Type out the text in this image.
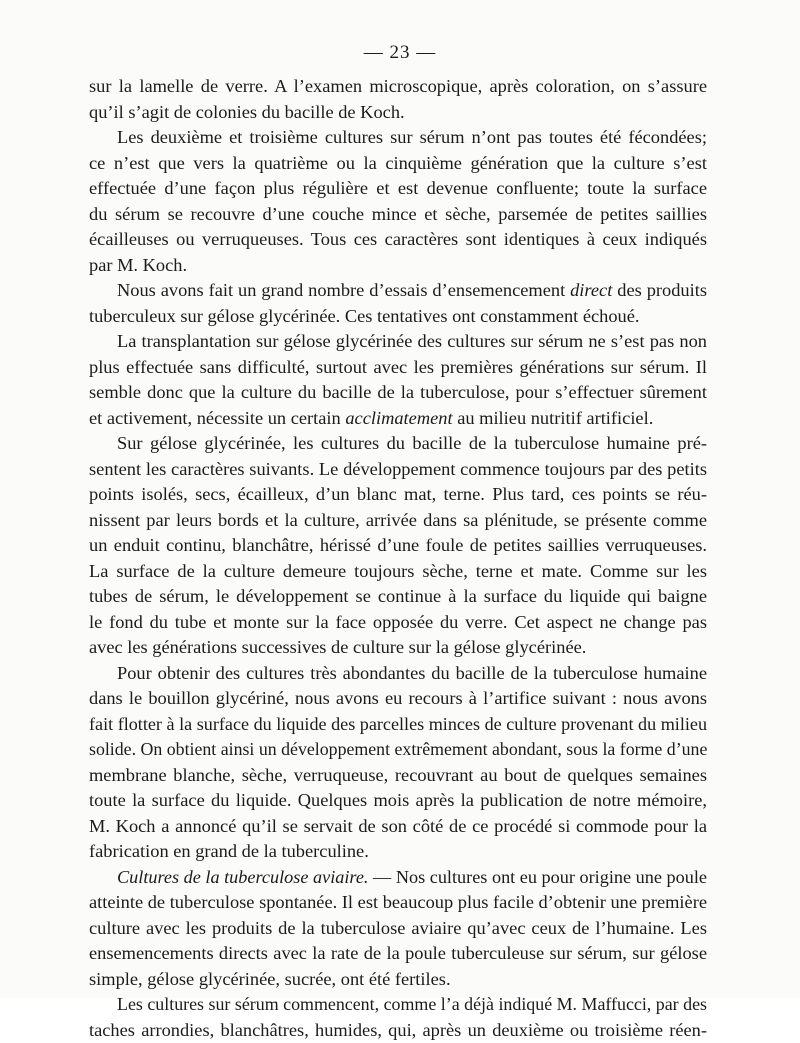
— 23 —
sur la lamelle de verre. A l’examen microscopique, après coloration, on s’assure
qu’il s’agit de colonies du bacille de Koch.
Les deuxième et troisième cultures sur sérum n’ont pas toutes été fécondées;
ce n’est que vers la quatrième ou la cinquième génération que la culture s’est
effectuée d’une façon plus régulière et est devenue confluente; toute la surface
du sérum se recouvre d’une couche mince et sèche, parsemée de petites saillies
écailleuses ou verruqueuses. Tous ces caractères sont identiques à ceux indiqués
par M. Koch.
Nous avons fait un grand nombre d’essais d’ensemencement direct des produits
tuberculeux sur gélose glycérinée. Ces tentatives ont constamment échoué.
La transplantation sur gélose glycérinée des cultures sur sérum ne s’est pas non
plus effectuée sans difficulté, surtout avec les premières générations sur sérum. Il
semble donc que la culture du bacille de la tuberculose, pour s’effectuer sûrement
et activement, nécessite un certain acclimatement au milieu nutritif artificiel.
Sur gélose glycérinée, les cultures du bacille de la tuberculose humaine pré-
sentent les caractères suivants. Le développement commence toujours par des petits
points isolés, secs, écailleux, d’un blanc mat, terne. Plus tard, ces points se réu-
nissent par leurs bords et la culture, arrivée dans sa plénitude, se présente comme
un enduit continu, blanchâtre, hérissé d’une foule de petites saillies verruqueuses.
La surface de la culture demeure toujours sèche, terne et mate. Comme sur les
tubes de sérum, le développement se continue à la surface du liquide qui baigne
le fond du tube et monte sur la face opposée du verre. Cet aspect ne change pas
avec les générations successives de culture sur la gélose glycérinée.
Pour obtenir des cultures très abondantes du bacille de la tuberculose humaine
dans le bouillon glycériné, nous avons eu recours à l’artifice suivant : nous avons
fait flotter à la surface du liquide des parcelles minces de culture provenant du milieu
solide. On obtient ainsi un développement extrêmement abondant, sous la forme d’une
membrane blanche, sèche, verruqueuse, recouvrant au bout de quelques semaines
toute la surface du liquide. Quelques mois après la publication de notre mémoire,
M. Koch a annoncé qu’il se servait de son côté de ce procédé si commode pour la
fabrication en grand de la tuberculine.
Cultures de la tuberculose aviaire. — Nos cultures ont eu pour origine une poule
atteinte de tuberculose spontanée. Il est beaucoup plus facile d’obtenir une première
culture avec les produits de la tuberculose aviaire qu’avec ceux de l’humaine. Les
ensemencements directs avec la rate de la poule tuberculeuse sur sérum, sur gélose
simple, gélose glycérinée, sucrée, ont été fertiles.
Les cultures sur sérum commencent, comme l’a déjà indiqué M. Maffucci, par des
taches arrondies, blanchâtres, humides, qui, après un deuxième ou troisième réen-
